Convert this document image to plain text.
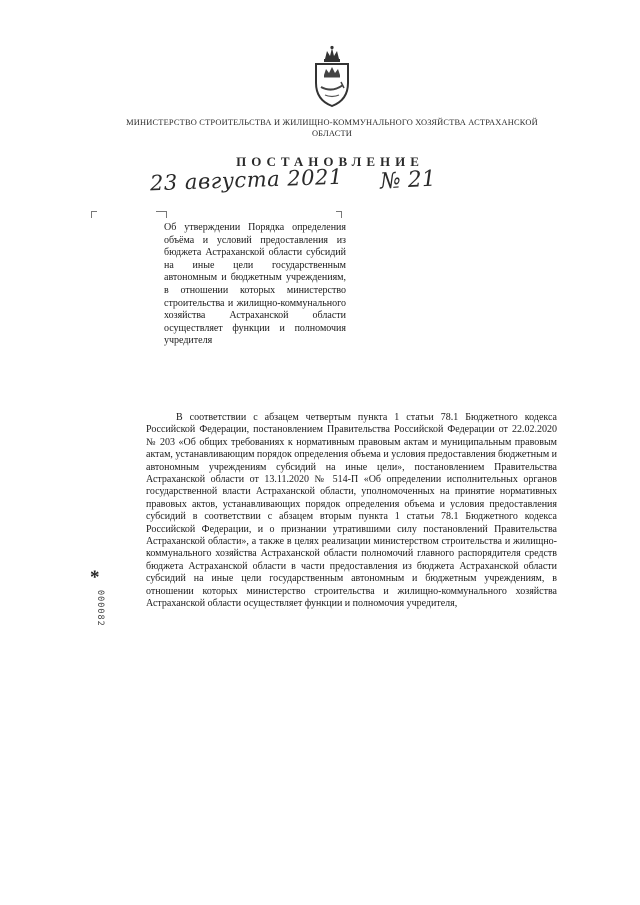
МИНИСТЕРСТВО СТРОИТЕЛЬСТВА И ЖИЛИЩНО-КОММУНАЛЬНОГО ХОЗЯЙСТВА АСТРАХАНСКОЙ ОБЛАСТИ
ПОСТАНОВЛЕНИЕ
23 августа 2021 № 21
Об утверждении Порядка определения объёма и условий предоставления из бюджета Астраханской области субсидий на иные цели государственным автономным и бюджетным учреждениям, в отношении которых министерство строительства и жилищно-коммунального хозяйства Астраханской области осуществляет функции и полномочия учредителя

В соответствии с абзацем четвертым пункта 1 статьи 78.1 Бюджетного кодекса Российской Федерации, постановлением Правительства Российской Федерации от 22.02.2020 № 203 «Об общих требованиях к нормативным правовым актам и муниципальным правовым актам, устанавливающим порядок определения объема и условия предоставления бюджетным и автономным учреждениям субсидий на иные цели», постановлением Правительства Астраханской области от 13.11.2020 № 514-П «Об определении исполнительных органов государственной власти Астраханской области, уполномоченных на принятие нормативных правовых актов, устанавливающих порядок определения объема и условия предоставления субсидий в соответствии с абзацем вторым пункта 1 статьи 78.1 Бюджетного кодекса Российской Федерации, и о признании утратившими силу постановлений Правительства Астраханской области», а также в целях реализации министерством строительства и жилищно-коммунального хозяйства Астраханской области полномочий главного распорядителя средств бюджета Астраханской области в части предоставления из бюджета Астраханской области субсидий на иные цели государственным автономным и бюджетным учреждениям, в отношении которых министерство строительства и жилищно-коммунального хозяйства Астраханской области осуществляет функции и полномочия учредителя,

*
000082
